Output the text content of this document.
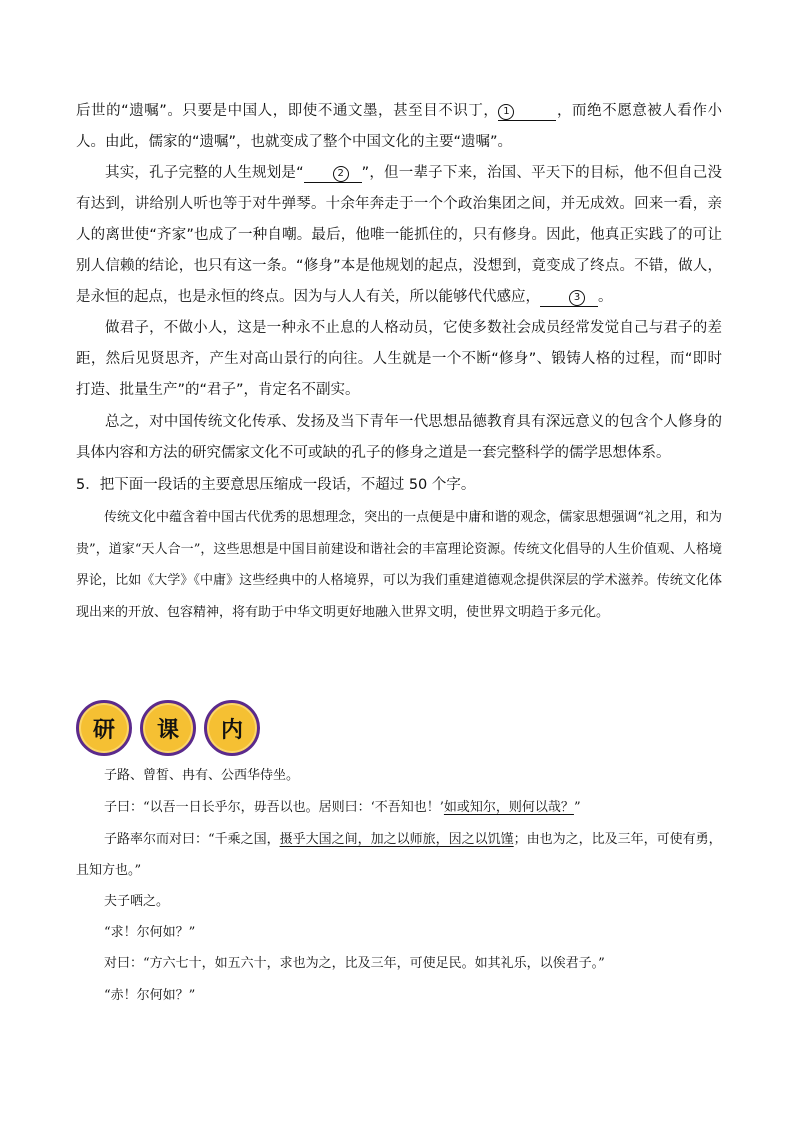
后世的“遗嘱”。只要是中国人，即使不通文墨，甚至目不识丁， 1	，而绝不愿意被人看作小人。由此，儒家的“遗嘱”，也就变成了整个中国文化的主要“遗嘱”。

其实，孔子完整的人生规划是“	2 ”，但一辈子下来，治国、平天下的目标，他不但自己没有达到，讲给别人听也等于对牛弹琴。十余年奔走于一个个政治集团之间，并无成效。回来一看，亲人的离世使“齐家”也成了一种自嘲。最后，他唯一能抓住的，只有修身。因此，他真正实践了的可让别人信赖的结论，也只有这一条。“修身”本是他规划的起点，没想到，竟变成了终点。不错，做人，是永恒的起点，也是永恒的终点。因为与人人有关，所以能够代代感应，	3 。

做君子，不做小人，这是一种永不止息的人格动员，它使多数社会成员经常发觉自己与君子的差距，然后见贤思齐，产生对高山景行的向往。人生就是一个不断“修身”、锻铸人格的过程，而“即时打造、批量生产”的“君子”，肯定名不副实。

总之，对中国传统文化传承、发扬及当下青年一代思想品德教育具有深远意义的包含个人修身的具体内容和方法的研究儒家文化不可或缺的孔子的修身之道是一套完整科学的儒学思想体系。

5．把下面一段话的主要意思压缩成一段话，不超过 50 个字。

传统文化中蕴含着中国古代优秀的思想理念，突出的一点便是中庸和谐的观念，儒家思想强调“礼之用，和为贵”，道家“天人合一”，这些思想是中国目前建设和谐社会的丰富理论资源。传统文化倡导的人生价值观、人格境界论，比如《大学》《中庸》这些经典中的人格境界，可以为我们重建道德观念提供深层的学术滋养。传统文化体现出来的开放、包容精神，将有助于中华文明更好地融入世界文明，使世界文明趋于多元化。

研	课	内

子路、曾皙、冉有、公西华侍坐。

子曰：“以吾一日长乎尔，毋吾以也。居则曰：‘不吾知也！’如或知尔，则何以哉？”

子路率尔而对曰：“千乘之国，摄乎大国之间，加之以师旅，因之以饥馑；由也为之，比及三年，可使有勇，且知方也。”

夫子哂之。

“求！尔何如？”

对曰：“方六七十，如五六十，求也为之，比及三年，可使足民。如其礼乐，以俟君子。”

“赤！尔何如？”
